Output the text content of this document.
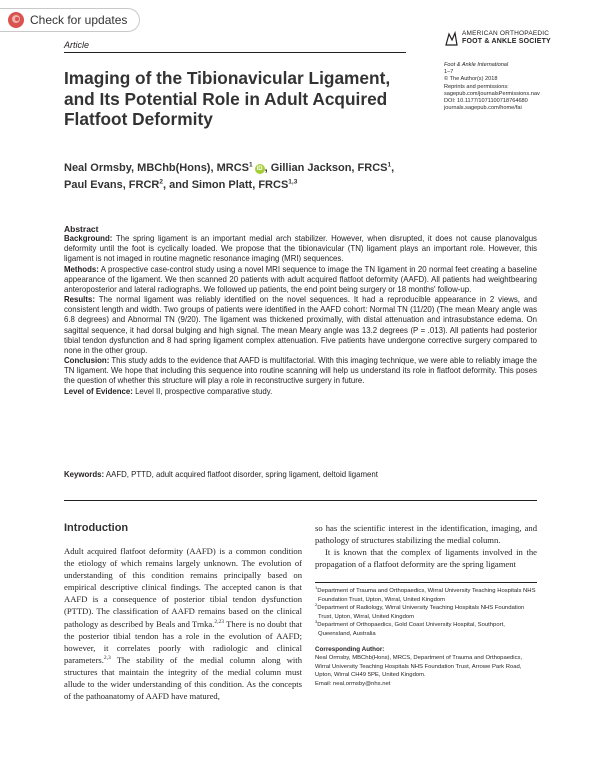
Check for updates
Article
AMERICAN ORTHOPAEDIC
FOOT & ANKLE SOCIETY
Foot & Ankle International
1–7
© The Author(s) 2018
Reprints and permissions:
sagepub.com/journalsPermissions.nav
DOI: 10.1177/1071100718764680
journals.sagepub.com/home/fai
Imaging of the Tibionavicular Ligament, and Its Potential Role in Adult Acquired Flatfoot Deformity
Neal Ormsby, MBChb(Hons), MRCS$^1$iD , Gillian Jackson, FRCS$^1$,
Paul Evans, FRCR$^2$, and Simon Platt, FRCS$^{1,3}$

Abstract

Background: The spring ligament is an important medial arch stabilizer. However, when disrupted, it does not cause planovalgus deformity until the foot is cyclically loaded. We propose that the tibionavicular (TN) ligament plays an important role. However, this ligament is not imaged in routine magnetic resonance imaging (MRI) sequences.

Methods: A prospective case-control study using a novel MRI sequence to image the TN ligament in 20 normal feet creating a baseline appearance of the ligament. We then scanned 20 patients with adult acquired flatfoot deformity (AAFD). All patients had weightbearing anteroposterior and lateral radiographs. We followed up patients, the end point being surgery or 18 months' follow-up.

Results: The normal ligament was reliably identified on the novel sequences. It had a reproducible appearance in 2 views, and consistent length and width. Two groups of patients were identified in the AAFD cohort: Normal TN (11/20) (The mean Meary angle was 6.8 degrees) and Abnormal TN (9/20). The ligament was thickened proximally, with distal attenuation and intrasubstance edema. On sagittal sequence, it had dorsal bulging and high signal. The mean Meary angle was 13.2 degrees (P = .013). All patients had posterior tibial tendon dysfunction and 8 had spring ligament complex attenuation. Five patients have undergone corrective surgery compared to none in the other group.

Conclusion: This study adds to the evidence that AAFD is multifactorial. With this imaging technique, we were able to reliably image the TN ligament. We hope that including this sequence into routine scanning will help us understand its role in flatfoot deformity. This poses the question of whether this structure will play a role in reconstructive surgery in future.

Level of Evidence: Level II, prospective comparative study.

Keywords: AAFD, PTTD, adult acquired flatfoot disorder, spring ligament, deltoid ligament
Introduction

Adult acquired flatfoot deformity (AAFD) is a common condition the etiology of which remains largely unknown. The evolution of understanding of this condition remains principally based on empirical descriptive clinical findings. The accepted canon is that AAFD is a consequence of posterior tibial tendon dysfunction (PTTD). The classification of AAFD remains based on the clinical pathology as described by Beals and Trnka.$^{2,23}$ There is no doubt that the posterior tibial tendon has a role in the evolution of AAFD; however, it correlates poorly with radiologic and clinical parameters.$^{2,3}$ The stability of the medial column along with structures that maintain the integrity of the medial column must allude to the wider understanding of this condition. As the concepts of the pathoanatomy of AAFD have matured,

so has the scientific interest in the identification, imaging, and pathology of structures stabilizing the medial column.

It is known that the complex of ligaments involved in the propagation of a flatfoot deformity are the spring ligament

$^1$Department of Trauma and Orthopaedics, Wirral University Teaching Hospitals NHS Foundation Trust, Upton, Wirral, United Kingdom

$^2$Department of Radiology, Wirral University Teaching Hospitals NHS Foundation Trust, Upton, Wirral, United Kingdom

$^3$Department of Orthopaedics, Gold Coast University Hospital, Southport, Queensland, Australia

Corresponding Author:

Neal Ormsby, MBChb(Hons), MRCS, Department of Trauma and Orthopaedics, Wirral University Teaching Hospitals NHS Foundation Trust, Arrowe Park Road, Upton, Wirral CH49 5PE, United Kingdom.

Email: neal.ormsby@nhs.net
